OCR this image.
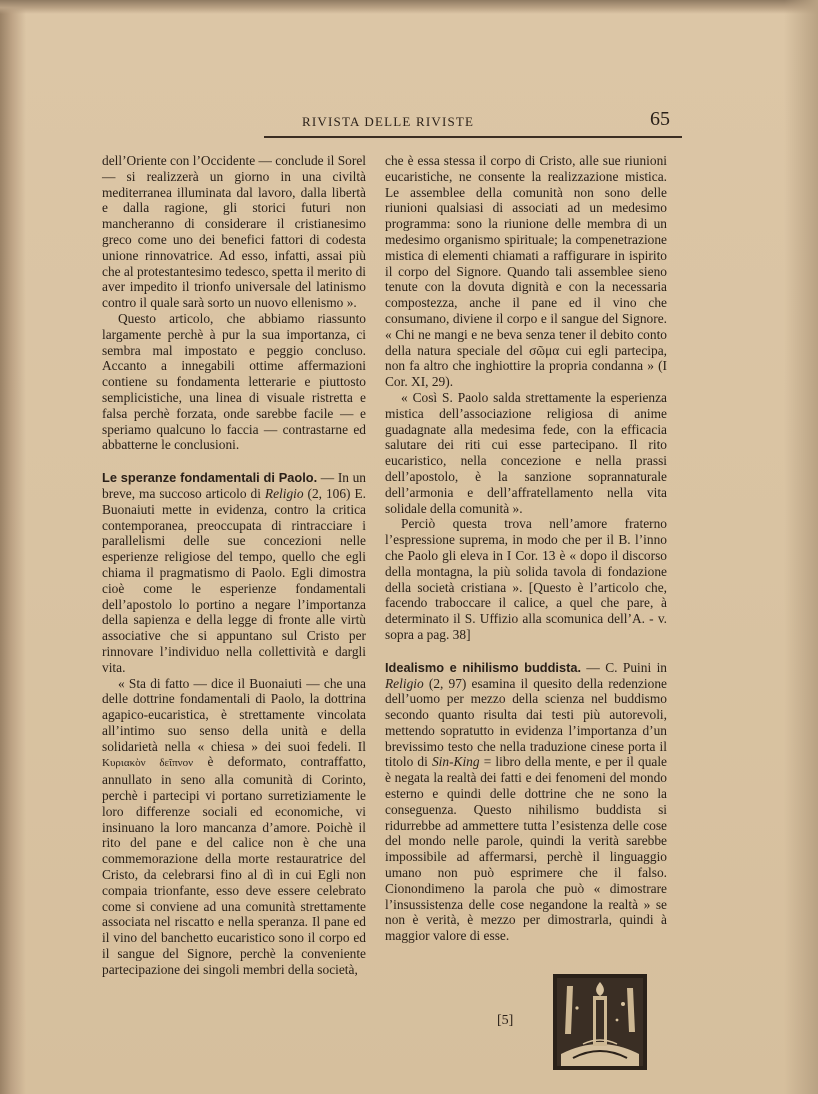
RIVISTA DELLE RIVISTE	65

dell’Oriente con l’Occidente — conclude il Sorel — si realizzerà un giorno in una civiltà mediterranea illuminata dal lavoro, dalla libertà e dalla ragione, gli storici futuri non mancheranno di considerare il cristianesimo greco come uno dei benefici fattori di codesta unione rinnovatrice. Ad esso, infatti, assai più che al protestantesimo tedesco, spetta il merito di aver impedito il trionfo universale del latinismo contro il quale sarà sorto un nuovo ellenismo ».

Questo articolo, che abbiamo riassunto largamente perchè à pur la sua importanza, ci sembra mal impostato e peggio concluso. Accanto a innegabili ottime affermazioni contiene su fondamenta letterarie e piuttosto semplicistiche, una linea di visuale ristretta e falsa perchè forzata, onde sarebbe facile — e speriamo qualcuno lo faccia — contrastarne ed abbatterne le conclusioni.

Le speranze fondamentali di Paolo. — In un breve, ma succoso articolo di Religio (2, 106) E. Buonaiuti mette in evidenza, contro la critica contemporanea, preoccupata di rintracciare i parallelismi delle sue concezioni nelle esperienze religiose del tempo, quello che egli chiama il pragmatismo di Paolo. Egli dimostra cioè come le esperienze fondamentali dell’apostolo lo portino a negare l’importanza della sapienza e della legge di fronte alle virtù associative che si appuntano sul Cristo per rinnovare l’individuo nella collettività e dargli vita.

« Sta di fatto — dice il Buonaiuti — che una delle dottrine fondamentali di Paolo, la dottrina agapico-eucaristica, è strettamente vincolata all’intimo suo senso della unità e della solidarietà nella « chiesa » dei suoi fedeli. Il Κυριακὸν δεῖπνον è deformato, contraffatto, annullato in seno alla comunità di Corinto, perchè i partecipi vi portano surretiziamente le loro differenze sociali ed economiche, vi insinuano la loro mancanza d’amore. Poichè il rito del pane e del calice non è che una commemorazione della morte restauratrice del Cristo, da celebrarsi fino al dì in cui Egli non compaia trionfante, esso deve essere celebrato come si conviene ad una comunità strettamente associata nel riscatto e nella speranza. Il pane ed il vino del banchetto eucaristico sono il corpo ed il sangue del Signore, perchè la conveniente partecipazione dei singoli membri della società,

che è essa stessa il corpo di Cristo, alle sue riunioni eucaristiche, ne consente la realizzazione mistica. Le assemblee della comunità non sono delle riunioni qualsiasi di associati ad un medesimo programma: sono la riunione delle membra di un medesimo organismo spirituale; la compenetrazione mistica di elementi chiamati a raffigurare in ispirito il corpo del Signore. Quando tali assemblee sieno tenute con la dovuta dignità e con la necessaria compostezza, anche il pane ed il vino che consumano, diviene il corpo e il sangue del Signore. « Chi ne mangi e ne beva senza tener il debito conto della natura speciale del σῶμα cui egli partecipa, non fa altro che inghiottire la propria condanna » (I Cor. XI, 29).

« Così S. Paolo salda strettamente la esperienza mistica dell’associazione religiosa di anime guadagnate alla medesima fede, con la efficacia salutare dei riti cui esse partecipano. Il rito eucaristico, nella concezione e nella prassi dell’apostolo, è la sanzione soprannaturale dell’armonia e dell’affratellamento nella vita solidale della comunità ».

Perciò questa trova nell’amore fraterno l’espressione suprema, in modo che per il B. l’inno che Paolo gli eleva in I Cor. 13 è « dopo il discorso della montagna, la più solida tavola di fondazione della società cristiana ». [Questo è l’articolo che, facendo traboccare il calice, a quel che pare, à determinato il S. Uffizio alla scomunica dell’A. - v. sopra a pag. 38]

Idealismo e nihilismo buddista. — C. Puini in Religio (2, 97) esamina il quesito della redenzione dell’uomo per mezzo della scienza nel buddismo secondo quanto risulta dai testi più autorevoli, mettendo sopratutto in evidenza l’importanza d’un brevissimo testo che nella traduzione cinese porta il titolo di Sin-King = libro della mente, e per il quale è negata la realtà dei fatti e dei fenomeni del mondo esterno e quindi delle dottrine che ne sono la conseguenza. Questo nihilismo buddista si ridurrebbe ad ammettere tutta l’esistenza delle cose del mondo nelle parole, quindi la verità sarebbe impossibile ad affermarsi, perchè il linguaggio umano non può esprimere che il falso. Cionondimeno la parola che può « dimostrare l’insussistenza delle cose negandone la realtà » se non è verità, è mezzo per dimostrarla, quindi à maggior valore di esse.

[5]
